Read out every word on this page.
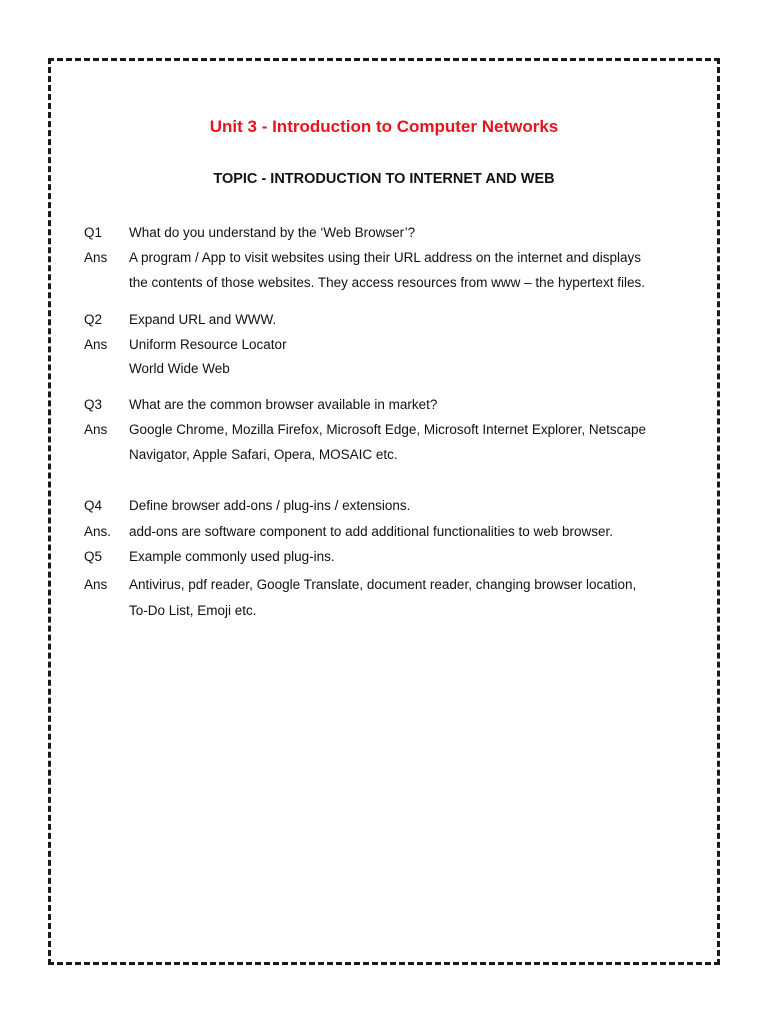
Unit 3 - Introduction to Computer Networks
TOPIC - INTRODUCTION TO INTERNET AND WEB
Q1 What do you understand by the ‘Web Browser’?
Ans A program / App to visit websites using their URL address on the internet and displays
the contents of those websites. They access resources from www – the hypertext files.
Q2 Expand URL and WWW.
Ans Uniform Resource Locator
World Wide Web
Q3 What are the common browser available in market?
Ans Google Chrome, Mozilla Firefox, Microsoft Edge, Microsoft Internet Explorer, Netscape
Navigator, Apple Safari, Opera, MOSAIC etc.
Q4 Define browser add-ons / plug-ins / extensions.
Ans. add-ons are software component to add additional functionalities to web browser.
Q5 Example commonly used plug-ins.
Ans Antivirus, pdf reader, Google Translate, document reader, changing browser location,
To-Do List, Emoji etc.
